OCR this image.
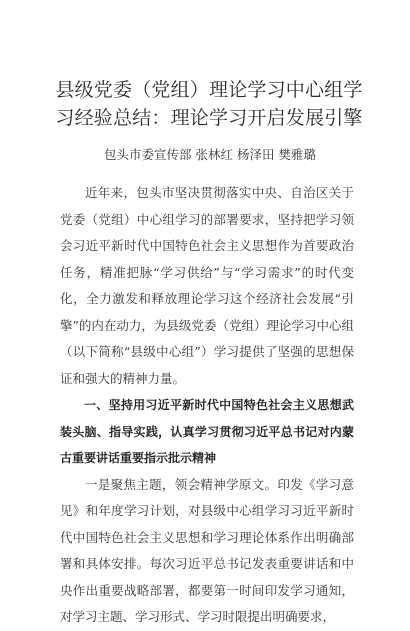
县级党委（党组）理论学习中心组学习经验总结：理论学习开启发展引擎
包头市委宣传部 张林红 杨泽田 樊雅璐

近年来，包头市坚决贯彻落实中央、自治区关于党委（党组）中心组学习的部署要求，坚持把学习领会习近平新时代中国特色社会主义思想作为首要政治任务，精准把脉“学习供给”与“学习需求”的时代变化，全力激发和释放理论学习这个经济社会发展“引擎”的内在动力，为县级党委（党组）理论学习中心组（以下简称“县级中心组”）学习提供了坚强的思想保证和强大的精神力量。

一、坚持用习近平新时代中国特色社会主义思想武装头脑、指导实践，认真学习贯彻习近平总书记对内蒙古重要讲话重要指示批示精神

一是聚焦主题，领会精神学原文。印发《学习意见》和年度学习计划，对县级中心组学习习近平新时代中国特色社会主义思想和学习理论体系作出明确部署和具体安排。每次习近平总书记发表重要讲话和中央作出重要战略部署，都要第一时间印发学习通知，对学习主题、学习形式、学习时限提出明确要求，
